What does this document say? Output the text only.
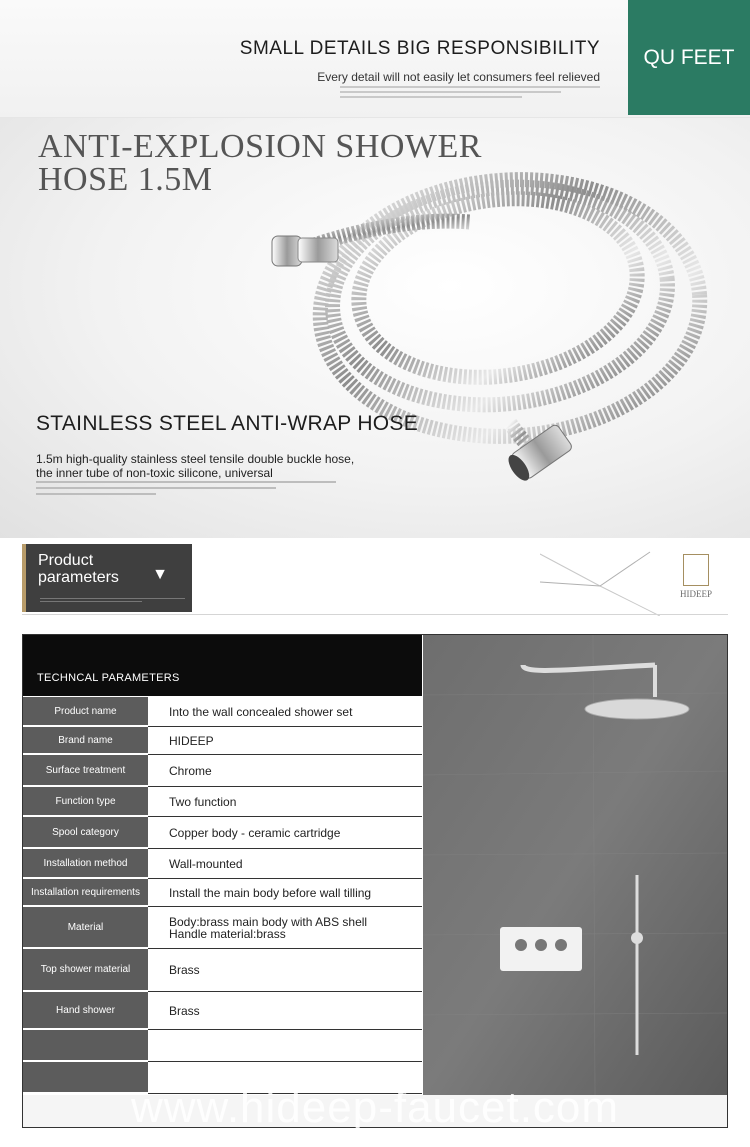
SMALL DETAILS BIG RESPONSIBILITY
Every detail will not easily let consumers feel relieved
QU FEET
ANTI-EXPLOSION SHOWER
HOSE 1.5M
STAINLESS STEEL ANTI-WRAP HOSE
1.5m high-quality stainless steel tensile double buckle hose, the inner tube of non-toxic silicone, universal
Product parameters	▼
HIDEEP
TECHNCAL PARAMETERS
Product name	Into the wall concealed shower set
Brand name	HIDEEP
Surface treatment	Chrome
Function type	Two function
Spool category	Copper body - ceramic cartridge
Installation method	Wall-mounted
Installation requirements	Install the main body before wall tilling
Material	Body:brass main body with ABS shell
Handle material:brass
Top shower material	Brass
Hand shower	Brass
www.hideep-faucet.com
